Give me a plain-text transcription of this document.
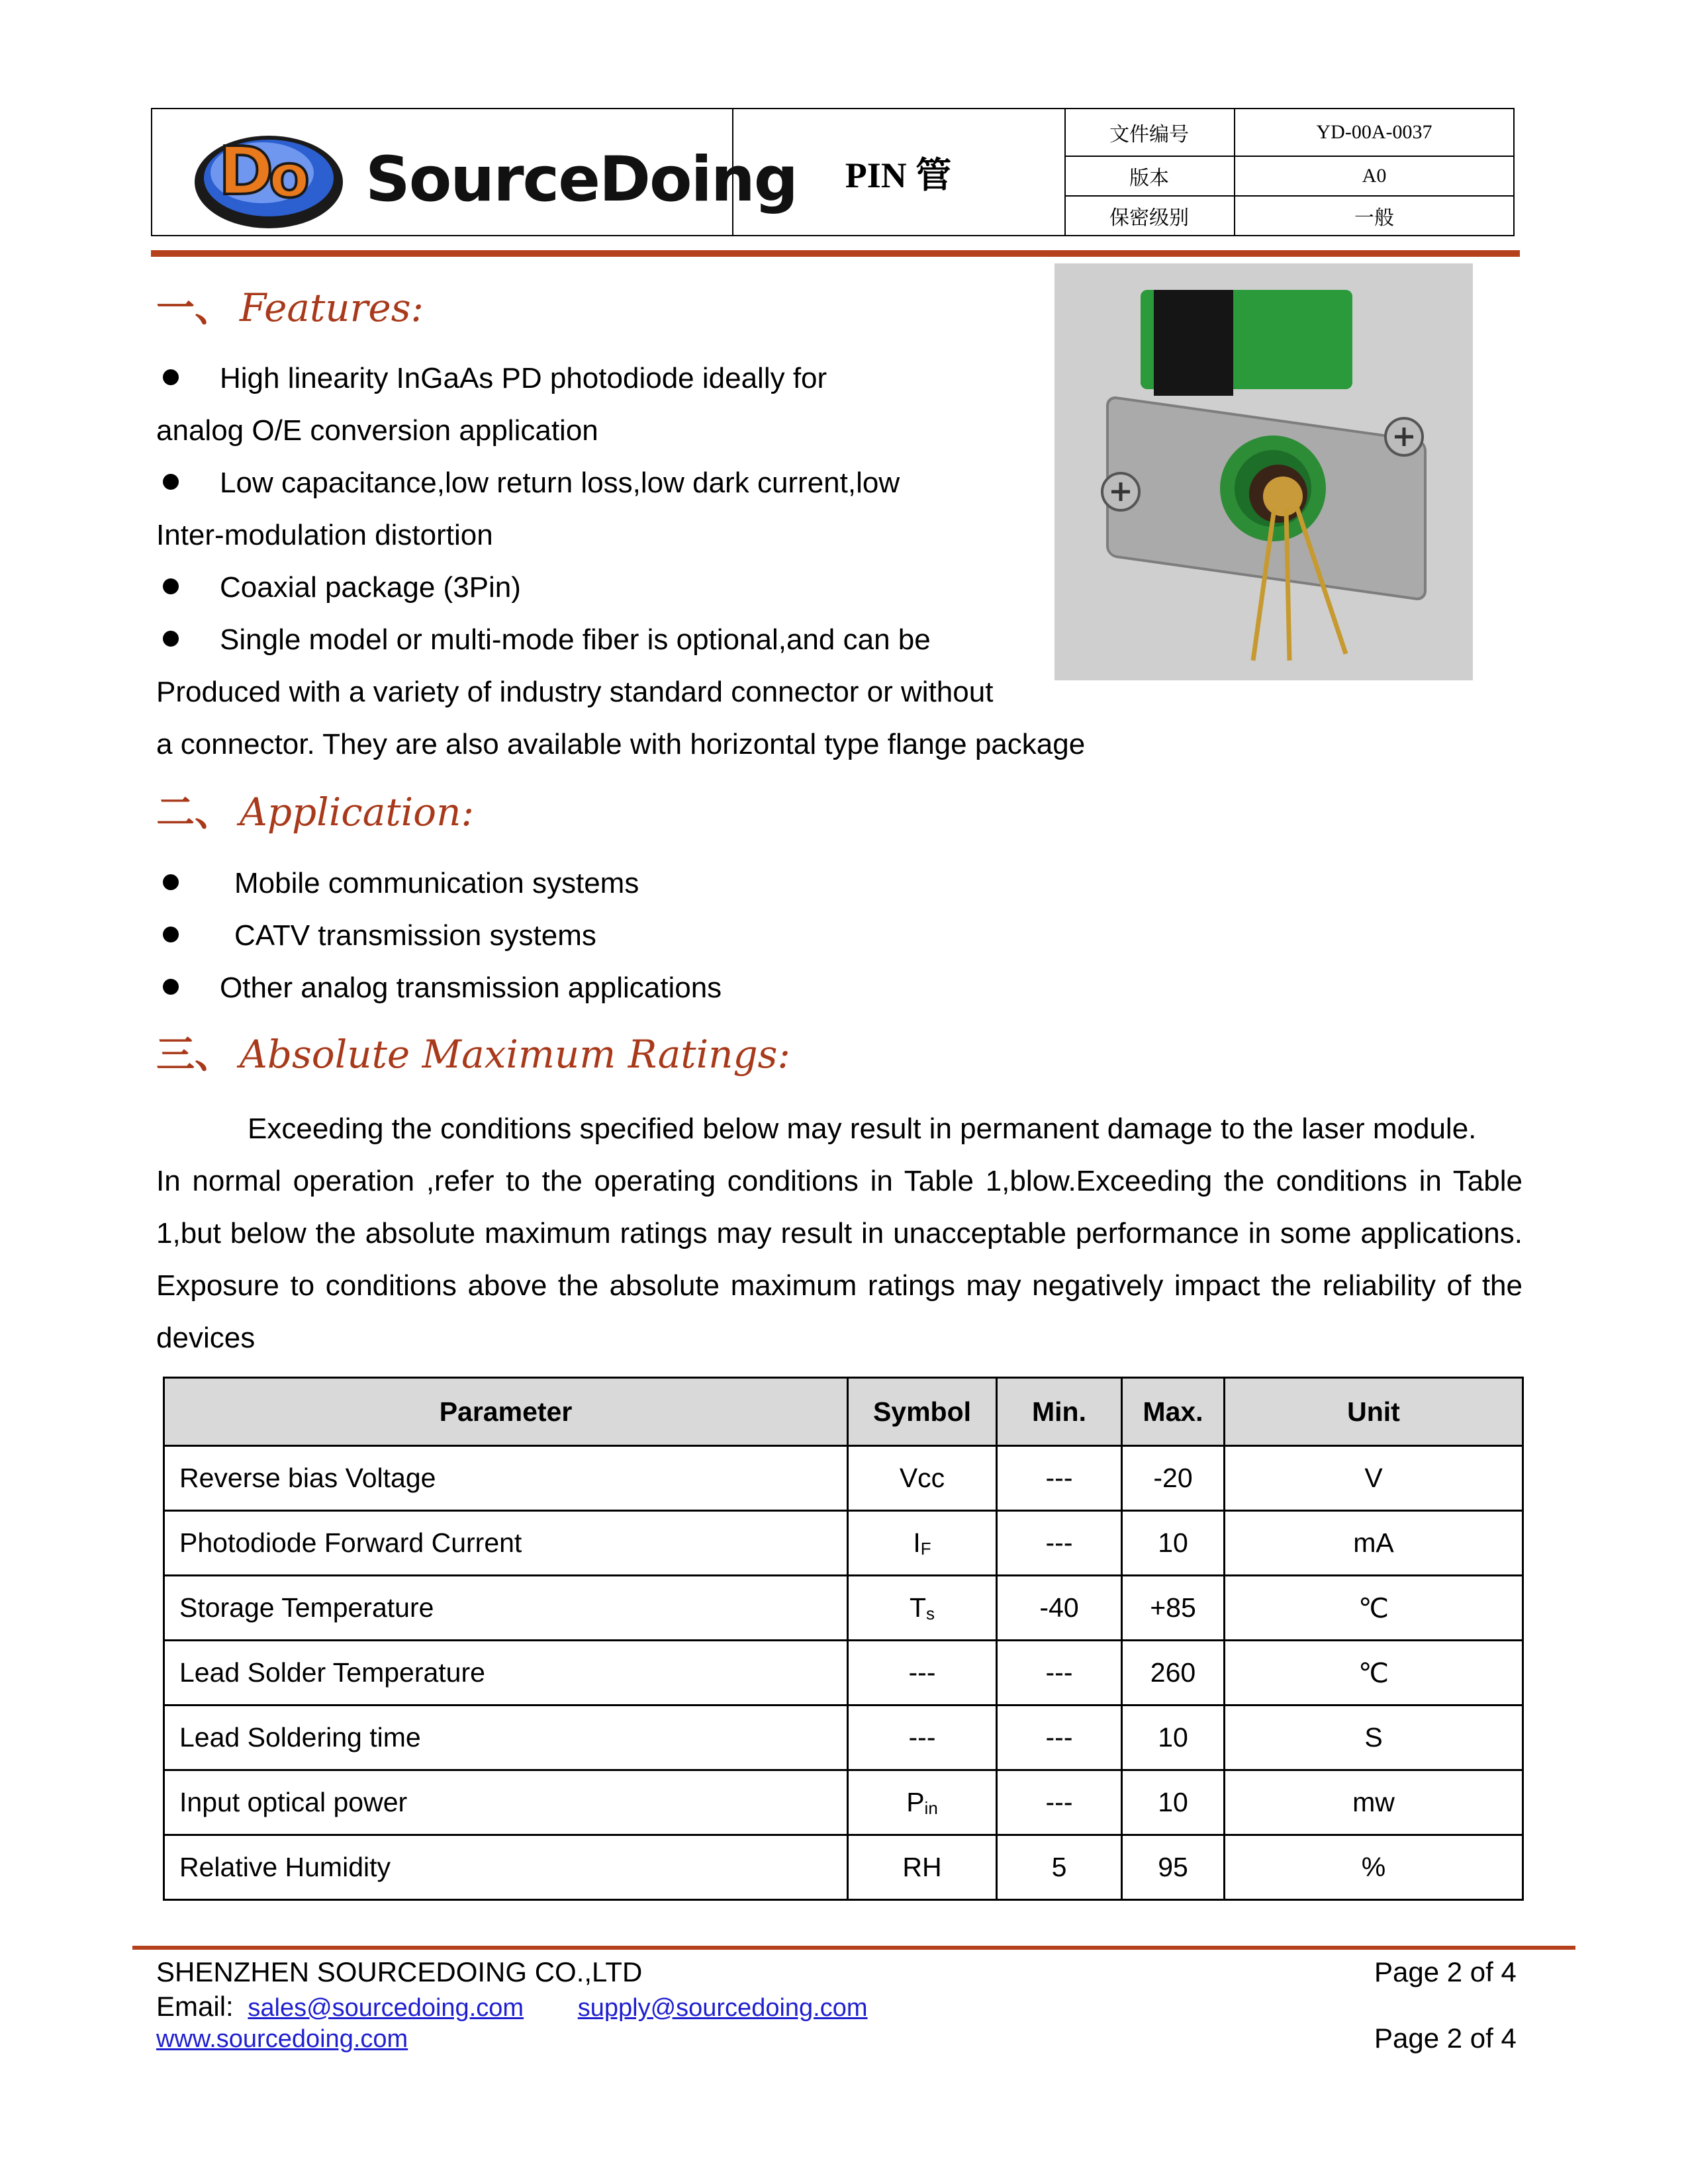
D
o SourceDoing	PIN 管
文件编号	YD-00A-0037
版本	A0
保密级别	一般
一、 Features:
High linearity InGaAs PD photodiode ideally for
analog O/E conversion application
Low capacitance,low return loss,low dark current,low
Inter-modulation distortion
Coaxial package (3Pin)
Single model or multi-mode fiber is optional,and can be
Produced with a variety of industry standard connector or without
a connector. They are also available with horizontal type flange package
二、 Application:
Mobile communication systems
CATV transmission systems
Other analog transmission applications
三、 Absolute Maximum Ratings:
Exceeding the conditions specified below may result in permanent damage to the laser module.
In normal operation ,refer to the operating conditions in Table 1,blow.Exceeding the conditions in Table 1,but below the absolute maximum ratings may result in unacceptable performance in some applications. Exposure to conditions above the absolute maximum ratings may negatively impact the reliability of the devices
Parameter	Symbol	Min.	Max.	Unit
Reverse bias Voltage	Vcc	---	-20	V
Photodiode Forward Current	$I_F$	---	10	mA
Storage Temperature	$T_s$	-40	+85	℃
Lead Solder Temperature	---	---	260	℃
Lead Soldering time	---	---	10	S
Input optical power	$P_{in}$	---	10	mw
Relative Humidity	RH	5	95	%
SHENZHEN SOURCEDOING CO.,LTD	Page 2 of 4
Email: sales@sourcedoing.com supply@sourcedoing.com
www.sourcedoing.com	Page 2 of 4
